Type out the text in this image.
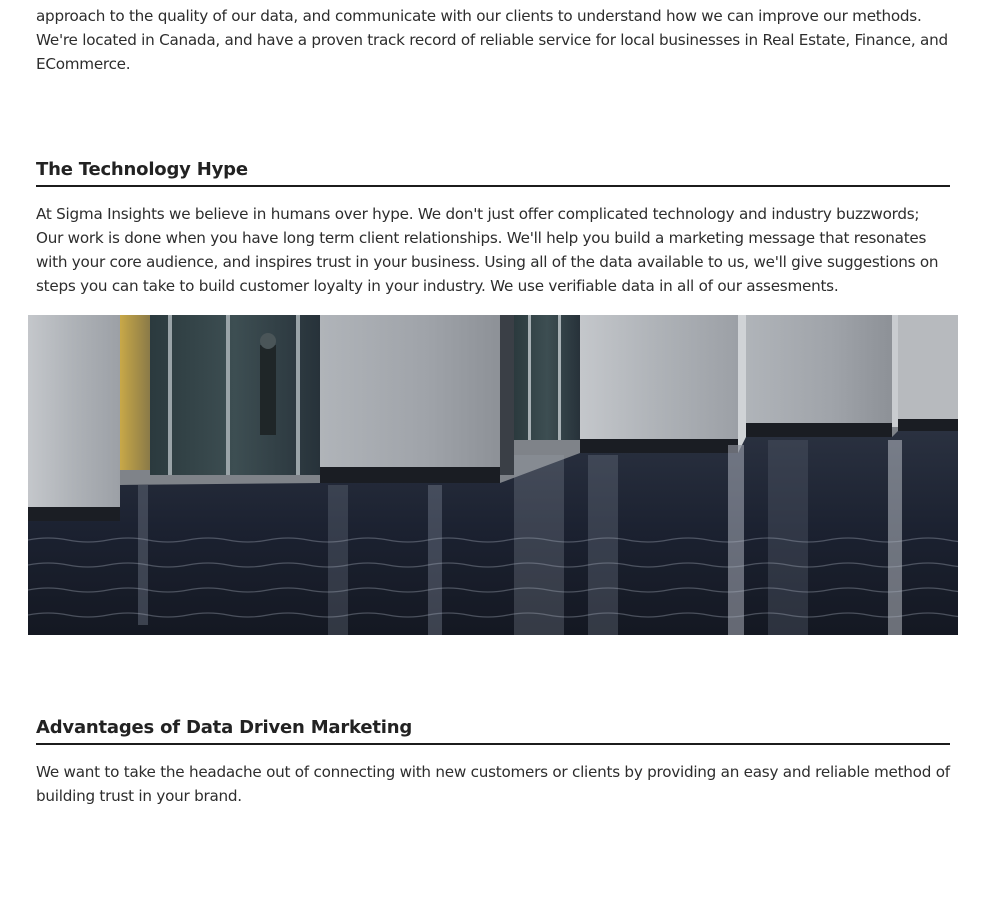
approach to the quality of our data, and communicate with our clients to understand how we can improve our methods. We're located in Canada, and have a proven track record of reliable service for local businesses in Real Estate, Finance, and ECommerce.

The Technology Hype

At Sigma Insights we believe in humans over hype. We don't just offer complicated technology and industry buzzwords; Our work is done when you have long term client relationships. We'll help you build a marketing message that resonates with your core audience, and inspires trust in your business. Using all of the data available to us, we'll give suggestions on steps you can take to build customer loyalty in your industry. We use verifiable data in all of our assesments.

Advantages of Data Driven Marketing

We want to take the headache out of connecting with new customers or clients by providing an easy and reliable method of building trust in your brand.
